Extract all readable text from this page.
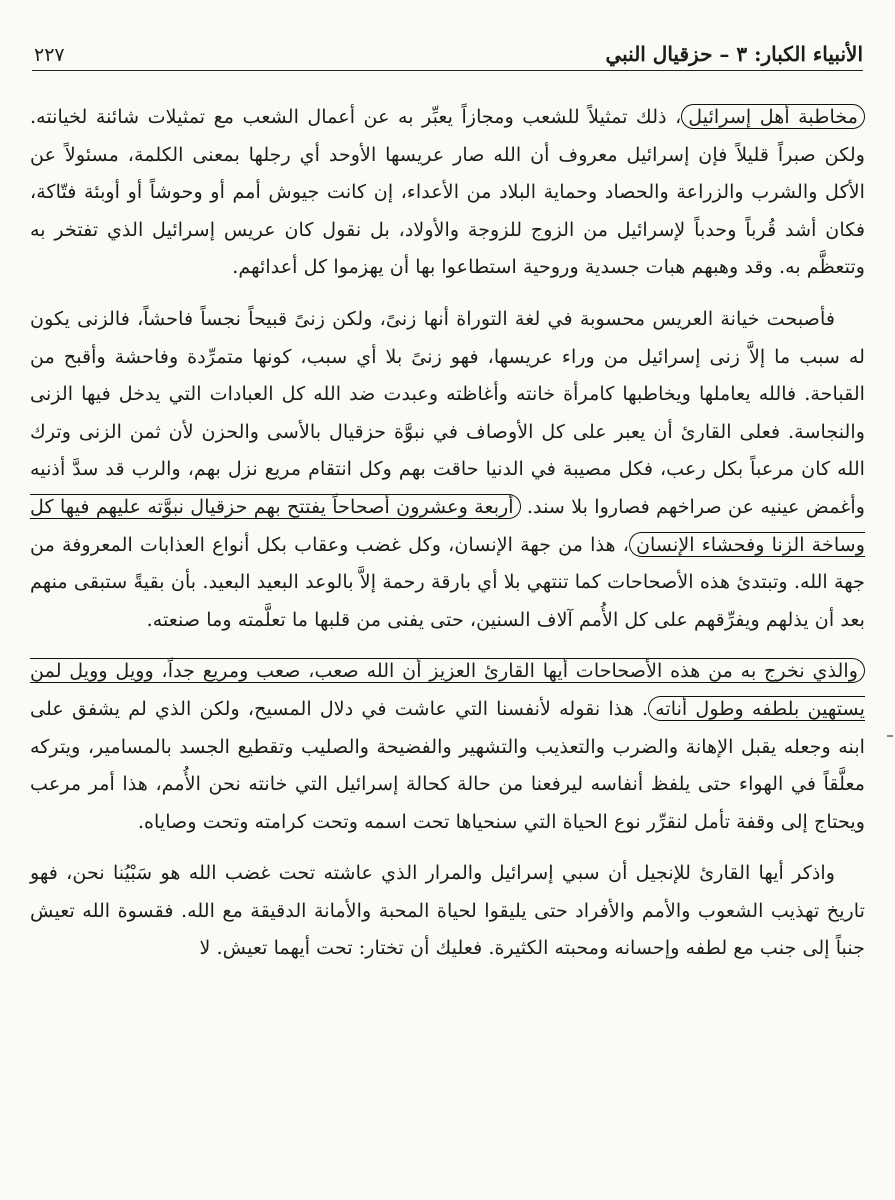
الأنبياء الكبار: ٣ – حزقيال النبي
٢٢٧

مخاطبة أهل إسرائيل، ذلك تمثيلاً للشعب ومجازاً يعبِّر به عن أعمال الشعب مع تمثيلات شائنة لخيانته. ولكن صبراً قليلاً فإن إسرائيل معروف أن الله صار عريسها الأوحد أي رجلها بمعنى الكلمة، مسئولاً عن الأكل والشرب والزراعة والحصاد وحماية البلاد من الأعداء، إن كانت جيوش أمم أو وحوشاً أو أوبئة فتّاكة، فكان أشد قُرباً وحدباً لإسرائيل من الزوج للزوجة والأولاد، بل نقول كان عريس إسرائيل الذي تفتخر به وتتعظَّم به. وقد وهبهم هبات جسدية وروحية استطاعوا بها أن يهزموا كل أعدائهم.

فأصبحت خيانة العريس محسوبة في لغة التوراة أنها زنىً، ولكن زنىً قبيحاً نجساً فاحشاً، فالزنى يكون له سبب ما إلاَّ زنى إسرائيل من وراء عريسها، فهو زنىً بلا أي سبب، كونها متمرِّدة وفاحشة وأقبح من القباحة. فالله يعاملها ويخاطبها كامرأة خانته وأغاظته وعبدت ضد الله كل العبادات التي يدخل فيها الزنى والنجاسة. فعلى القارئ أن يعبر على كل الأوصاف في نبوَّة حزقيال بالأسى والحزن لأن ثمن الزنى وترك الله كان مرعباً بكل رعب، فكل مصيبة في الدنيا حاقت بهم وكل انتقام مريع نزل بهم، والرب قد سدَّ أذنيه وأغمض عينيه عن صراخهم فصاروا بلا سند. أربعة وعشرون أصحاحاً يفتتح بهم حزقيال نبوَّته عليهم فيها كل وساخة الزنا وفحشاء الإنسان، هذا من جهة الإنسان، وكل غضب وعقاب بكل أنواع العذابات المعروفة من جهة الله. وتبتدئ هذه الأصحاحات كما تنتهي بلا أي بارقة رحمة إلاَّ بالوعد البعيد البعيد. بأن بقيةً ستبقى منهم بعد أن يذلهم ويفرِّقهم على كل الأُمم آلاف السنين، حتى يفنى من قلبها ما تعلَّمته وما صنعته.

والذي نخرج به من هذه الأصحاحات أيها القارئ العزيز أن الله صعب، صعب ومريع جداً، وويل وويل لمن يستهين بلطفه وطول أناته. هذا نقوله لأنفسنا التي عاشت في دلال المسيح، ولكن الذي لم يشفق على ابنه وجعله يقبل الإهانة والضرب والتعذيب والتشهير والفضيحة والصليب وتقطيع الجسد بالمسامير، ويتركه معلَّقاً في الهواء حتى يلفظ أنفاسه ليرفعنا من حالة كحالة إسرائيل التي خانته نحن الأُمم، هذا أمر مرعب ويحتاج إلى وقفة تأمل لنقرِّر نوع الحياة التي سنحياها تحت اسمه وتحت كرامته وتحت وصاياه.

واذكر أيها القارئ للإنجيل أن سبي إسرائيل والمرار الذي عاشته تحت غضب الله هو سَبْيُنا نحن، فهو تاريخ تهذيب الشعوب والأمم والأفراد حتى يليقوا لحياة المحبة والأمانة الدقيقة مع الله. فقسوة الله تعيش جنباً إلى جنب مع لطفه وإحسانه ومحبته الكثيرة. فعليك أن تختار: تحت أيهما تعيش. لا
